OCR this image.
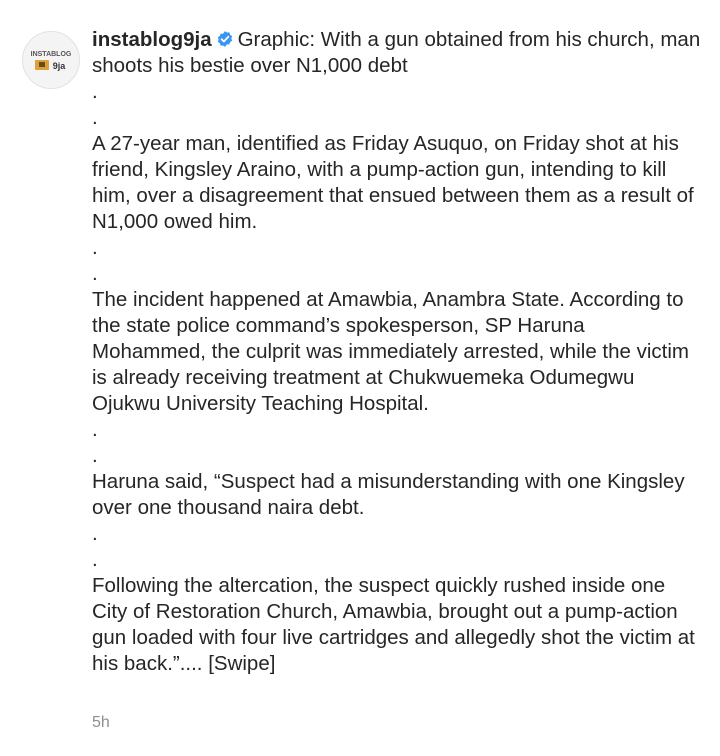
INSTABLOG
9ja
instablog9ja Graphic: With a gun obtained from his church, man shoots his bestie over N1,000 debt

.

.

A 27-year man, identified as Friday Asuquo, on Friday shot at his friend, Kingsley Araino, with a pump-action gun, intending to kill him, over a disagreement that ensued between them as a result of N1,000 owed him.

.

.

The incident happened at Amawbia, Anambra State. According to the state police command’s spokesperson, SP Haruna Mohammed, the culprit was immediately arrested, while the victim is already receiving treatment at Chukwuemeka Odumegwu Ojukwu University Teaching Hospital.

.

.

Haruna said, “Suspect had a misunderstanding with one Kingsley over one thousand naira debt.

.

.

Following the altercation, the suspect quickly rushed inside one City of Restoration Church, Amawbia, brought out a pump-action gun loaded with four live cartridges and allegedly shot the victim at his back.”.... [Swipe]

5h
